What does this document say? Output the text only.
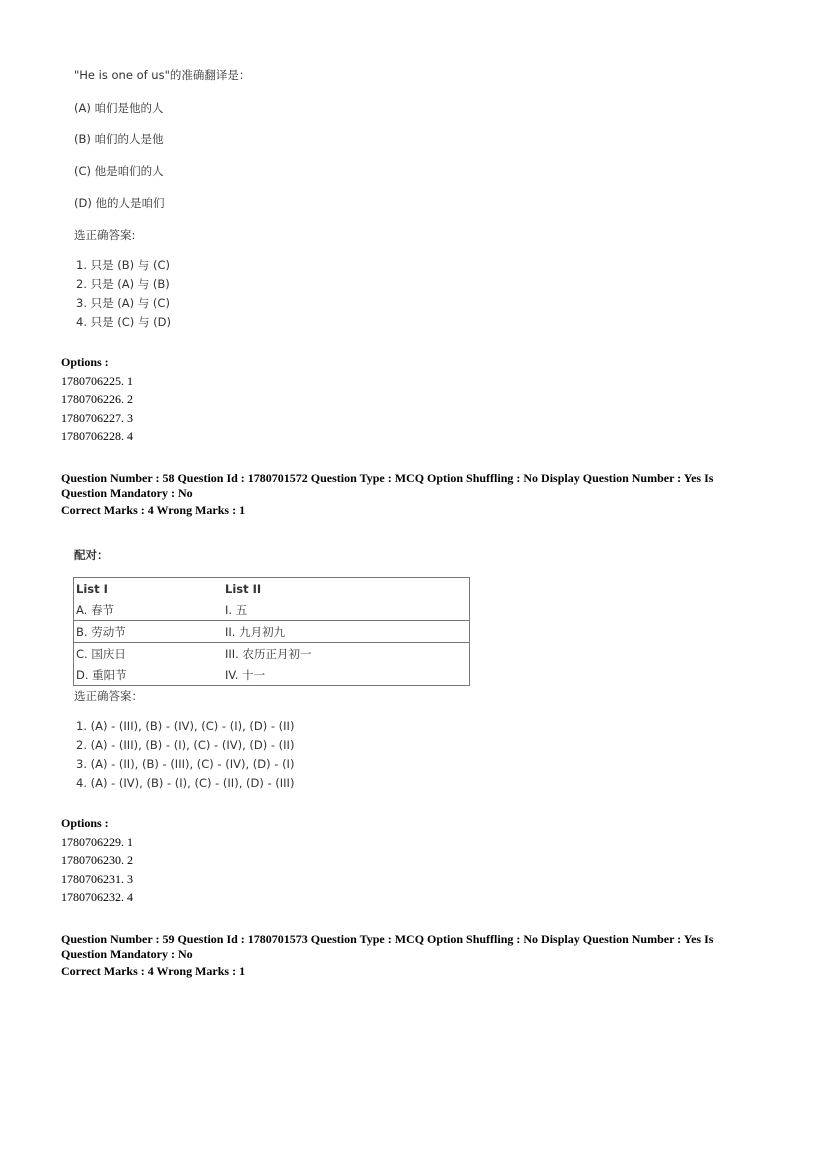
"He is one of us"的准确翻译是：
(A) 咱们是他的人
(B) 咱们的人是他
(C) 他是咱们的人
(D) 他的人是咱们
选正确答案:
1. 只是 (B) 与 (C)
2. 只是 (A) 与 (B)
3. 只是 (A) 与 (C)
4. 只是 (C) 与 (D)
Options :
1780706225. 1
1780706226. 2
1780706227. 3
1780706228. 4
Question Number : 58 Question Id : 1780701572 Question Type : MCQ Option Shuffling : No Display Question Number : Yes Is Question Mandatory : No
Correct Marks : 4 Wrong Marks : 1
配对：
List I	List II
A. 春节	I. 五
B. 劳动节	II. 九月初九
C. 国庆日	III. 农历正月初一
D. 重阳节	IV. 十一
选正确答案：
1. (A) - (III), (B) - (IV), (C) - (I), (D) - (II)
2. (A) - (III), (B) - (I), (C) - (IV), (D) - (II)
3. (A) - (II), (B) - (III), (C) - (IV), (D) - (I)
4. (A) - (IV), (B) - (I), (C) - (II), (D) - (III)
Options :
1780706229. 1
1780706230. 2
1780706231. 3
1780706232. 4
Question Number : 59 Question Id : 1780701573 Question Type : MCQ Option Shuffling : No Display Question Number : Yes Is Question Mandatory : No
Correct Marks : 4 Wrong Marks : 1
